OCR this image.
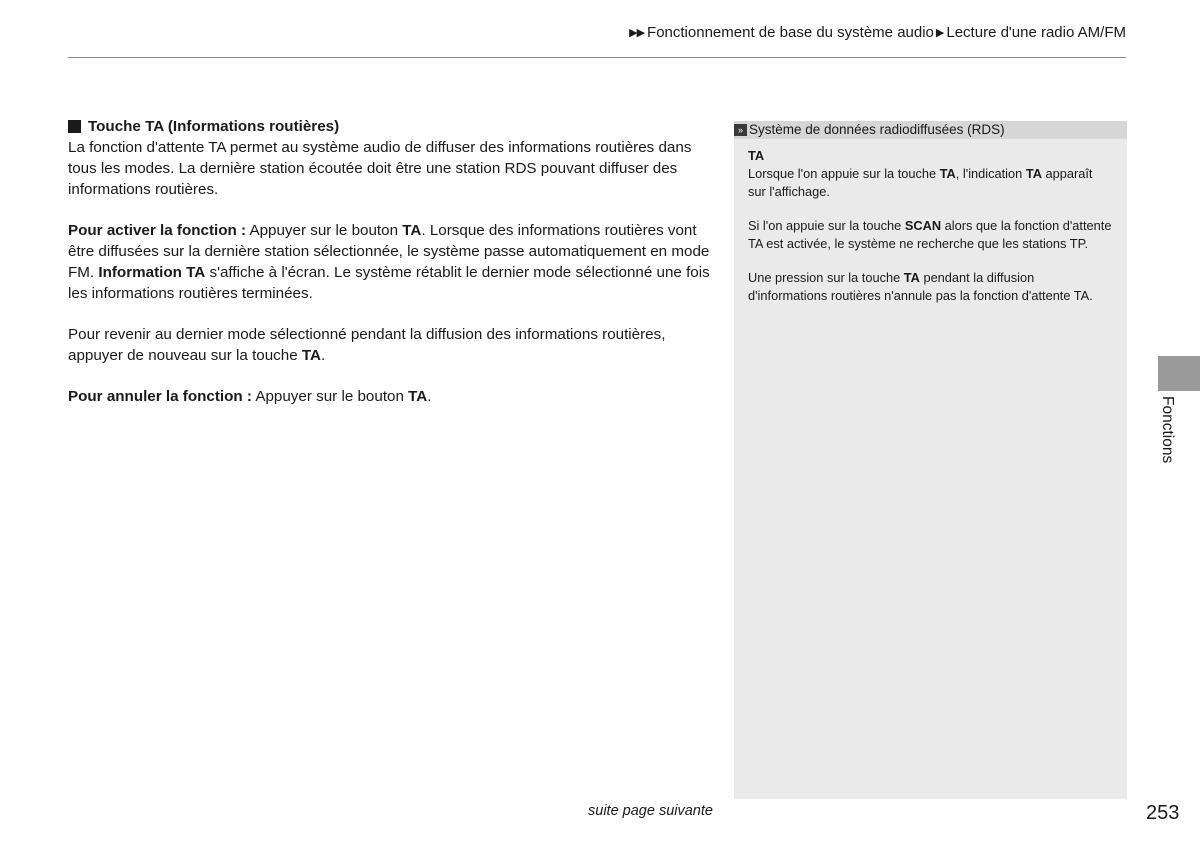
▶▶ Fonctionnement de base du système audio ▶ Lecture d'une radio AM/FM
Touche TA (Informations routières)

La fonction d'attente TA permet au système audio de diffuser des informations routières dans tous les modes. La dernière station écoutée doit être une station RDS pouvant diffuser des informations routières.

Pour activer la fonction : Appuyer sur le bouton TA. Lorsque des informations routières vont être diffusées sur la dernière station sélectionnée, le système passe automatiquement en mode FM. Information TA s'affiche à l'écran. Le système rétablit le dernier mode sélectionné une fois les informations routières terminées.

Pour revenir au dernier mode sélectionné pendant la diffusion des informations routières, appuyer de nouveau sur la touche TA.

Pour annuler la fonction : Appuyer sur le bouton TA.

» Système de données radiodiffusées (RDS)
TA

Lorsque l'on appuie sur la touche TA, l'indication TA apparaît sur l'affichage.

Si l'on appuie sur la touche SCAN alors que la fonction d'attente TA est activée, le système ne recherche que les stations TP.

Une pression sur la touche TA pendant la diffusion d'informations routières n'annule pas la fonction d'attente TA.

Fonctions
suite page suivante	253
